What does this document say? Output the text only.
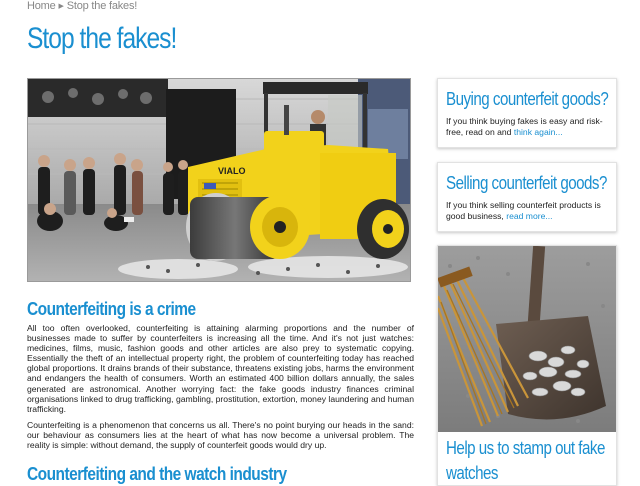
Home ▶ Stop the fakes!
Stop the fakes!
VIALO
Counterfeiting is a crime

All too often overlooked, counterfeiting is attaining alarming proportions and the number of businesses made to suffer by counterfeiters is increasing all the time. And it's not just watches: medicines, films, music, fashion goods and other articles are also prey to systematic copying. Essentially the theft of an intellectual property right, the problem of counterfeiting today has reached global proportions. It drains brands of their substance, threatens existing jobs, harms the environment and endangers the health of consumers. Worth an estimated 400 billion dollars annually, the sales generated are astronomical. Another worrying fact: the fake goods industry finances criminal organisations linked to drug trafficking, gambling, prostitution, extortion, money laundering and human trafficking.

Counterfeiting is a phenomenon that concerns us all. There's no point burying our heads in the sand: our behaviour as consumers lies at the heart of what has now become a universal problem. The reality is simple: without demand, the supply of counterfeit goods would dry up.

Counterfeiting and the watch industry
Buying counterfeit goods?

If you think buying fakes is easy and risk-free, read on and think again...

Selling counterfeit goods?

If you think selling counterfeit products is good business, read more...

Help us to stamp out fake watches
